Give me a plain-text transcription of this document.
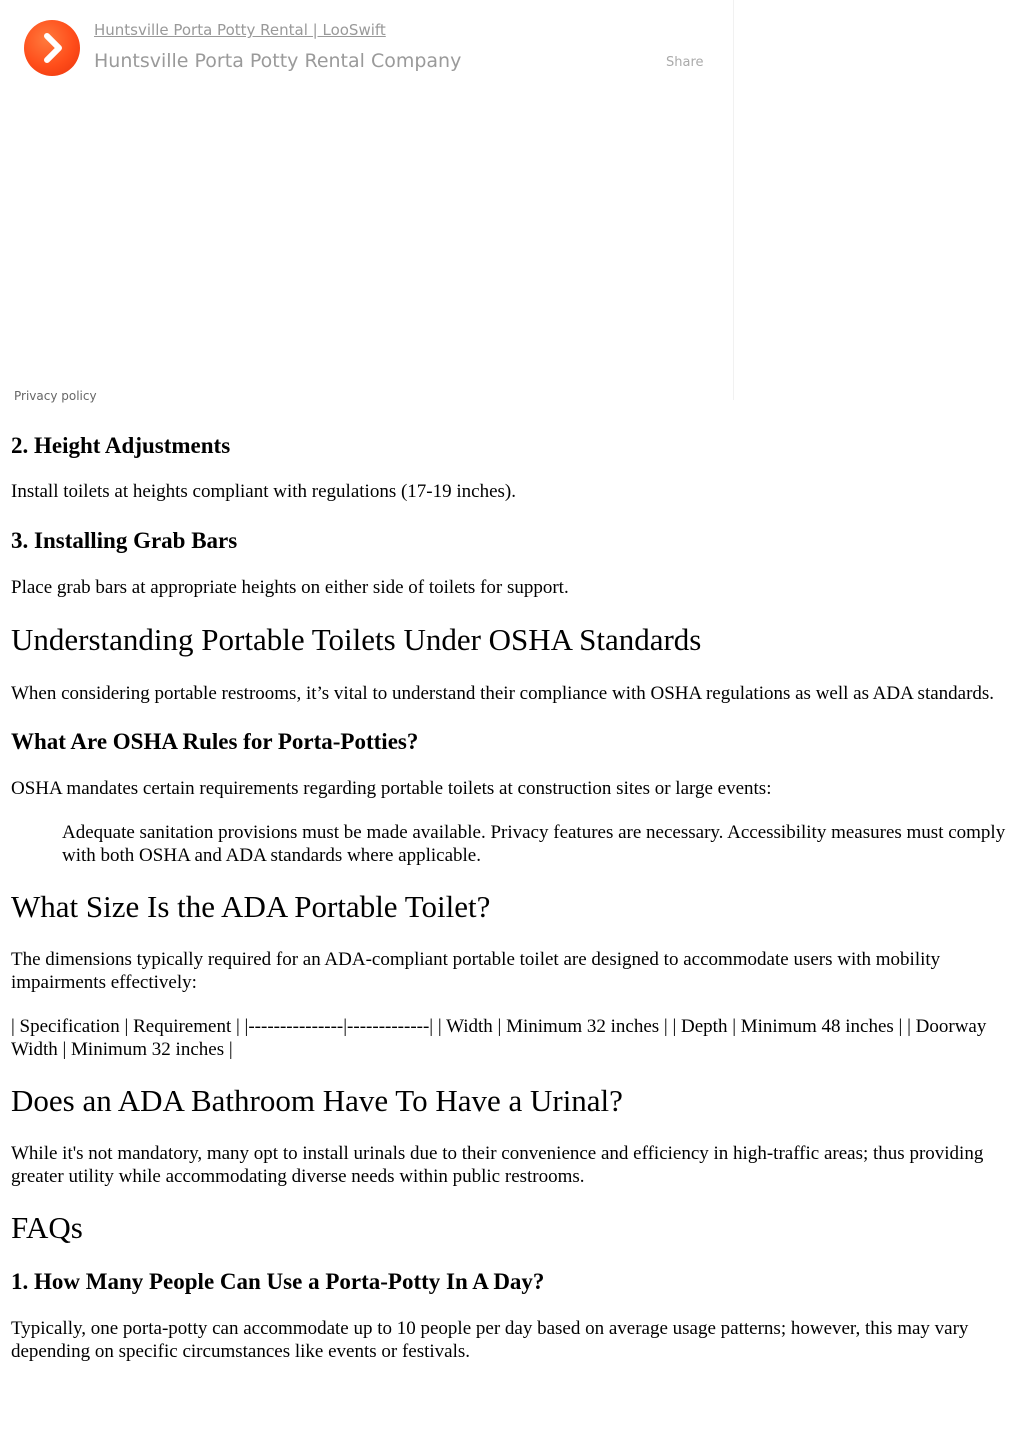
Huntsville Porta Potty Rental | LooSwift
Huntsville Porta Potty Rental Company	Share
Privacy policy
2. Height Adjustments

Install toilets at heights compliant with regulations (17-19 inches).

3. Installing Grab Bars

Place grab bars at appropriate heights on either side of toilets for support.

Understanding Portable Toilets Under OSHA Standards

When considering portable restrooms, it’s vital to understand their compliance with OSHA regulations as well as ADA standards.

What Are OSHA Rules for Porta-Potties?

OSHA mandates certain requirements regarding portable toilets at construction sites or large events:

Adequate sanitation provisions must be made available. Privacy features are necessary. Accessibility measures must comply with both OSHA and ADA standards where applicable.
What Size Is the ADA Portable Toilet?

The dimensions typically required for an ADA-compliant portable toilet are designed to accommodate users with mobility impairments effectively:

| Specification | Requirement | |---------------|-------------| | Width | Minimum 32 inches | | Depth | Minimum 48 inches | | Doorway Width | Minimum 32 inches |

Does an ADA Bathroom Have To Have a Urinal?

While it's not mandatory, many opt to install urinals due to their convenience and efficiency in high-traffic areas; thus providing greater utility while accommodating diverse needs within public restrooms.

FAQs
1. How Many People Can Use a Porta-Potty In A Day?

Typically, one porta-potty can accommodate up to 10 people per day based on average usage patterns; however, this may vary depending on specific circumstances like events or festivals.
